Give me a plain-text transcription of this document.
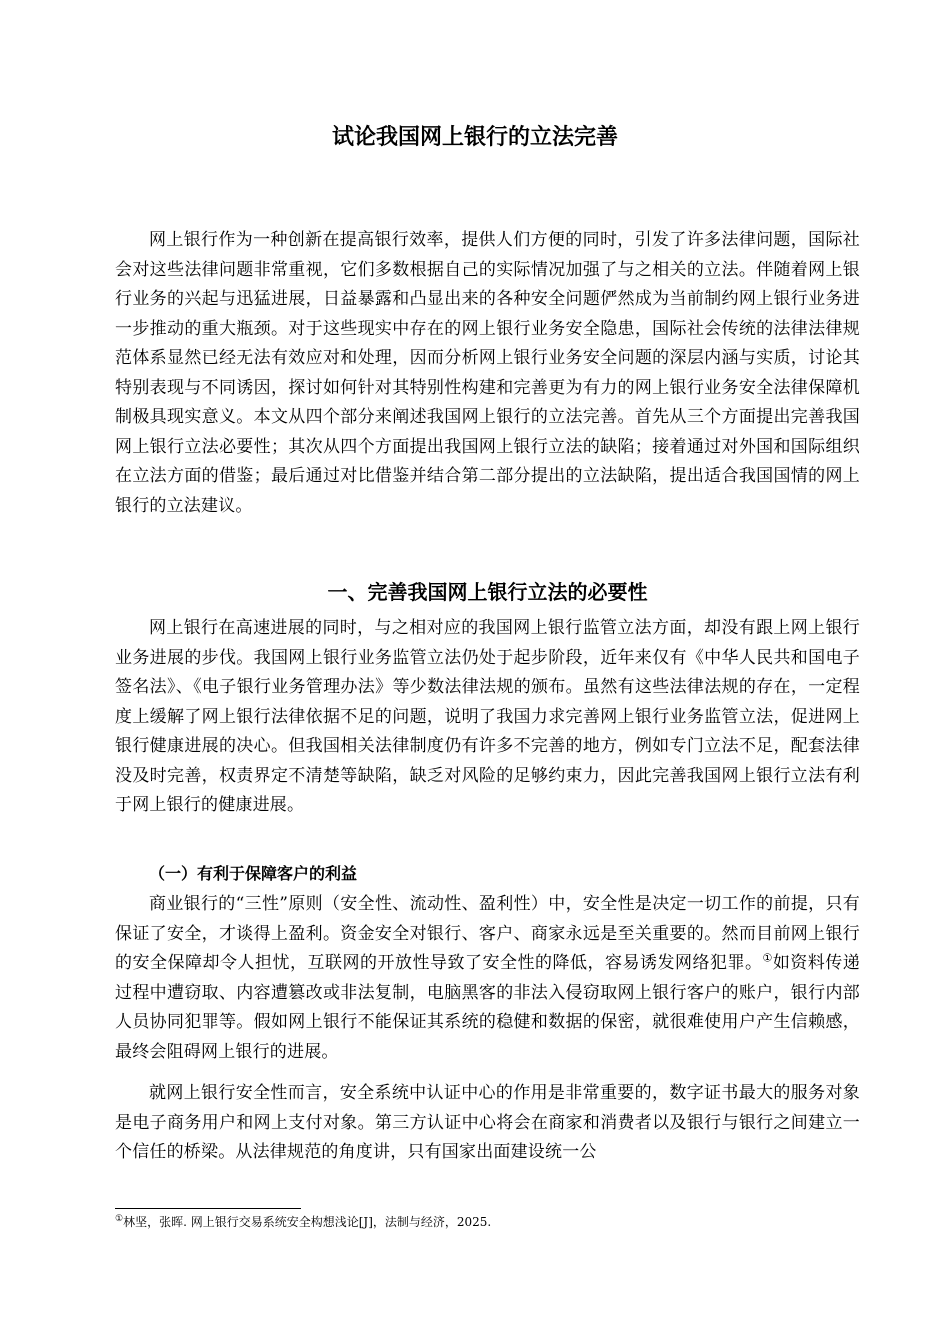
试论我国网上银行的立法完善

网上银行作为一种创新在提高银行效率，提供人们方便的同时，引发了许多法律问题，国际社会对这些法律问题非常重视，它们多数根据自己的实际情况加强了与之相关的立法。伴随着网上银行业务的兴起与迅猛进展，日益暴露和凸显出来的各种安全问题俨然成为当前制约网上银行业务进一步推动的重大瓶颈。对于这些现实中存在的网上银行业务安全隐患，国际社会传统的法律法律规范体系显然已经无法有效应对和处理，因而分析网上银行业务安全问题的深层内涵与实质，讨论其特别表现与不同诱因，探讨如何针对其特别性构建和完善更为有力的网上银行业务安全法律保障机制极具现实意义。本文从四个部分来阐述我国网上银行的立法完善。首先从三个方面提出完善我国网上银行立法必要性；其次从四个方面提出我国网上银行立法的缺陷；接着通过对外国和国际组织在立法方面的借鉴；最后通过对比借鉴并结合第二部分提出的立法缺陷，提出适合我国国情的网上银行的立法建议。

一、完善我国网上银行立法的必要性

网上银行在高速进展的同时，与之相对应的我国网上银行监管立法方面，却没有跟上网上银行业务进展的步伐。我国网上银行业务监管立法仍处于起步阶段，近年来仅有《中华人民共和国电子签名法》、《电子银行业务管理办法》等少数法律法规的颁布。虽然有这些法律法规的存在，一定程度上缓解了网上银行法律依据不足的问题，说明了我国力求完善网上银行业务监管立法，促进网上银行健康进展的决心。但我国相关法律制度仍有许多不完善的地方，例如专门立法不足，配套法律没及时完善，权责界定不清楚等缺陷，缺乏对风险的足够约束力，因此完善我国网上银行立法有利于网上银行的健康进展。

（一）有利于保障客户的利益

商业银行的“三性”原则（安全性、流动性、盈利性）中，安全性是决定一切工作的前提，只有保证了安全，才谈得上盈利。资金安全对银行、客户、商家永远是至关重要的。然而目前网上银行的安全保障却令人担忧，互联网的开放性导致了安全性的降低，容易诱发网络犯罪。①如资料传递过程中遭窃取、内容遭篡改或非法复制，电脑黑客的非法入侵窃取网上银行客户的账户，银行内部人员协同犯罪等。假如网上银行不能保证其系统的稳健和数据的保密，就很难使用户产生信赖感，最终会阻碍网上银行的进展。

就网上银行安全性而言，安全系统中认证中心的作用是非常重要的，数字证书最大的服务对象是电子商务用户和网上支付对象。第三方认证中心将会在商家和消费者以及银行与银行之间建立一个信任的桥梁。从法律规范的角度讲，只有国家出面建设统一公

①林坚，张晖. 网上银行交易系统安全构想浅论[J]，法制与经济，2025.
